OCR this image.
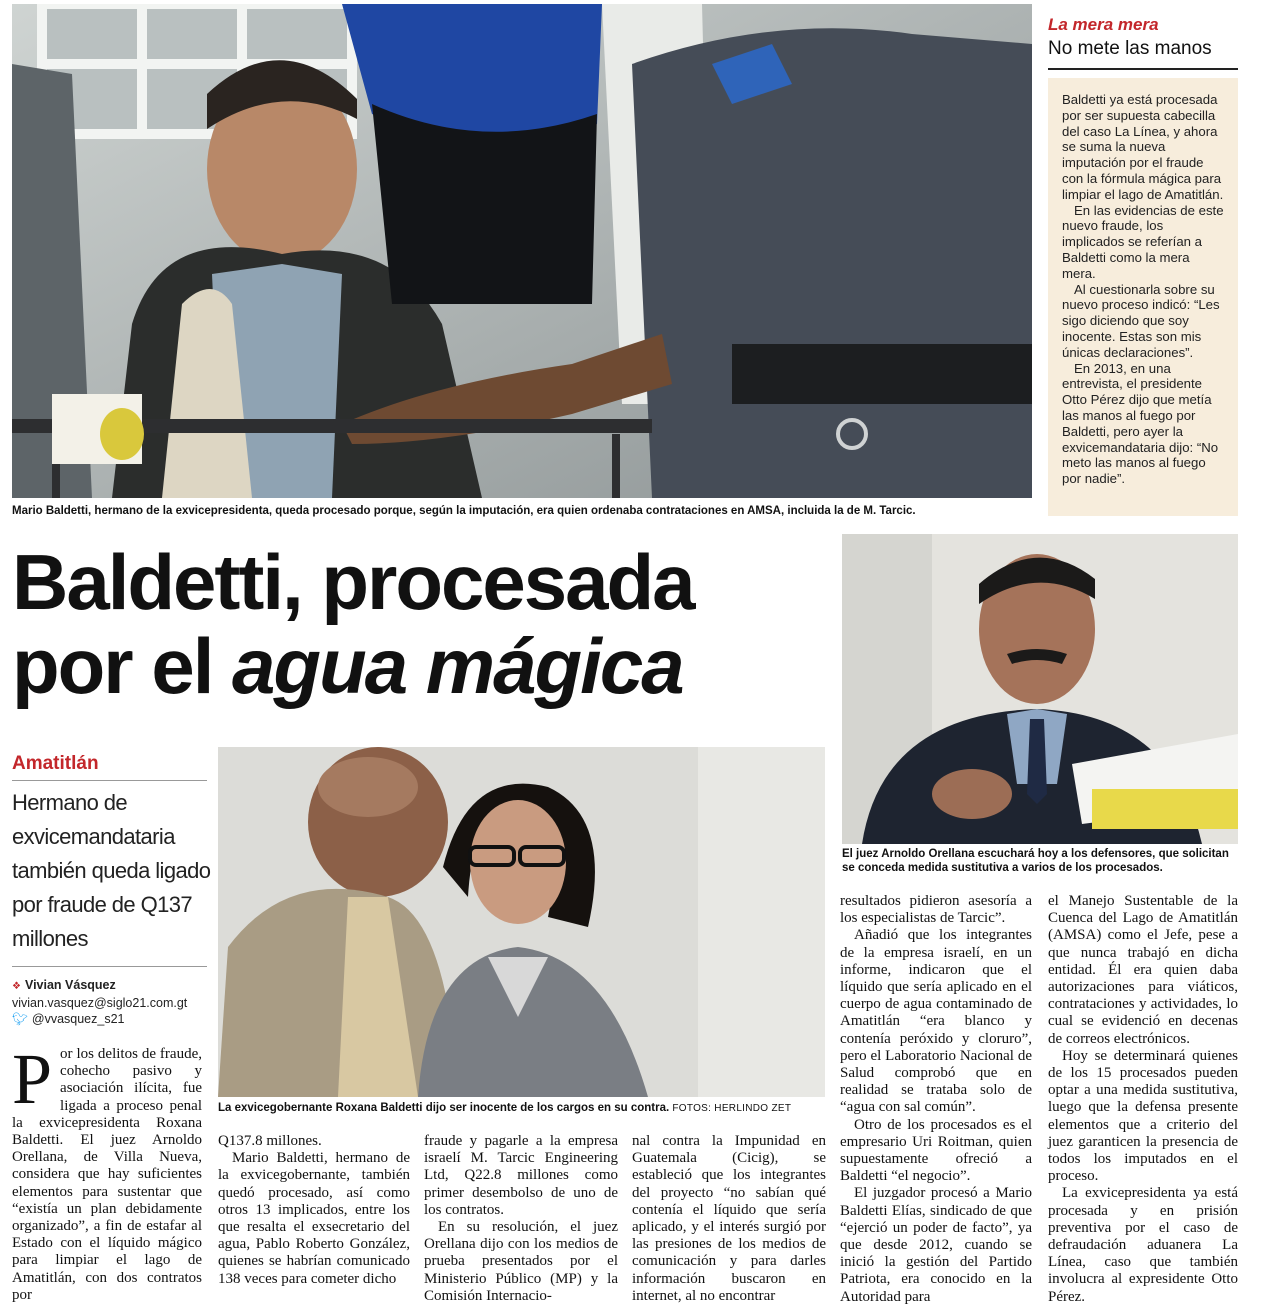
Mario Baldetti, hermano de la exvicepresidenta, queda procesado porque, según la imputación, era quien ordenaba contrataciones en AMSA, incluida la de M. Tarcic.
La mera mera
No mete las manos

Baldetti ya está procesada por ser supuesta cabecilla del caso La Línea, y ahora se suma la nueva imputación por el fraude con la fórmula mágica para limpiar el lago de Amatitlán.

En las evidencias de este nuevo fraude, los implicados se referían a Baldetti como la mera mera.

Al cuestionarla sobre su nuevo proceso indicó: “Les sigo diciendo que soy inocente. Estas son mis únicas declaraciones”.

En 2013, en una entrevista, el presidente Otto Pérez dijo que metía las manos al fuego por Baldetti, pero ayer la exvicemandataria dijo: “No meto las manos al fuego por nadie”.

El juez Arnoldo Orellana escuchará hoy a los defensores, que solicitan se conceda medida sustitutiva a varios de los procesados.
Baldetti, procesada
por el agua mágica
Amatitlán
Hermano de exvicemandataria también queda ligado por fraude de Q137 millones
❖ Vivian Vásquez
vivian.vasquez@siglo21.com.gt
🐦︎ @vvasquez_s21
La exvicegobernante Roxana Baldetti dijo ser inocente de los cargos en su contra. FOTOS: HERLINDO ZET

Por los delitos de fraude, cohecho pasivo y asociación ilícita, fue ligada a proceso penal la exvicepresidenta Roxana Baldetti. El juez Arnoldo Orellana, de Villa Nueva, considera que hay suficientes elementos para sustentar que “existía un plan debidamente organizado”, a fin de estafar al Estado con el líquido mágico para limpiar el lago de Amatitlán, con dos contratos por

Q137.8 millones.

Mario Baldetti, hermano de la exvicegobernante, también quedó procesado, así como otros 13 implicados, entre los que resalta el exsecretario del agua, Pablo Roberto González, quienes se habrían comunicado 138 veces para cometer dicho

fraude y pagarle a la empresa israelí M. Tarcic Engineering Ltd, Q22.8 millones como primer desembolso de uno de los contratos.

En su resolución, el juez Orellana dijo con los medios de prueba presentados por el Ministerio Público (MP) y la Comisión Internacio-

nal contra la Impunidad en Guatemala (Cicig), se estableció que los integrantes del proyecto “no sabían qué contenía el líquido que sería aplicado, y el interés surgió por las presiones de los medios de comunicación y para darles información buscaron en internet, al no encontrar

resultados pidieron asesoría a los especialistas de Tarcic”.

Añadió que los integrantes de la empresa israelí, en un informe, indicaron que el líquido que sería aplicado en el cuerpo de agua contaminado de Amatitlán “era blanco y contenía peróxido y cloruro”, pero el Laboratorio Nacional de Salud comprobó que en realidad se trataba solo de “agua con sal común”.

Otro de los procesados es el empresario Uri Roitman, quien supuestamente ofreció a Baldetti “el negocio”.

El juzgador procesó a Mario Baldetti Elías, sindicado de que “ejerció un poder de facto”, ya que desde 2012, cuando se inició la gestión del Partido Patriota, era conocido en la Autoridad para

el Manejo Sustentable de la Cuenca del Lago de Amatitlán (AMSA) como el Jefe, pese a que nunca trabajó en dicha entidad. Él era quien daba autorizaciones para viáticos, contrataciones y actividades, lo cual se evidenció en decenas de correos electrónicos.

Hoy se determinará quienes de los 15 procesados pueden optar a una medida sustitutiva, luego que la defensa presente elementos que a criterio del juez garanticen la presencia de todos los imputados en el proceso.

La exvicepresidenta ya está procesada y en prisión preventiva por el caso de defraudación aduanera La Línea, caso que también involucra al expresidente Otto Pérez.
